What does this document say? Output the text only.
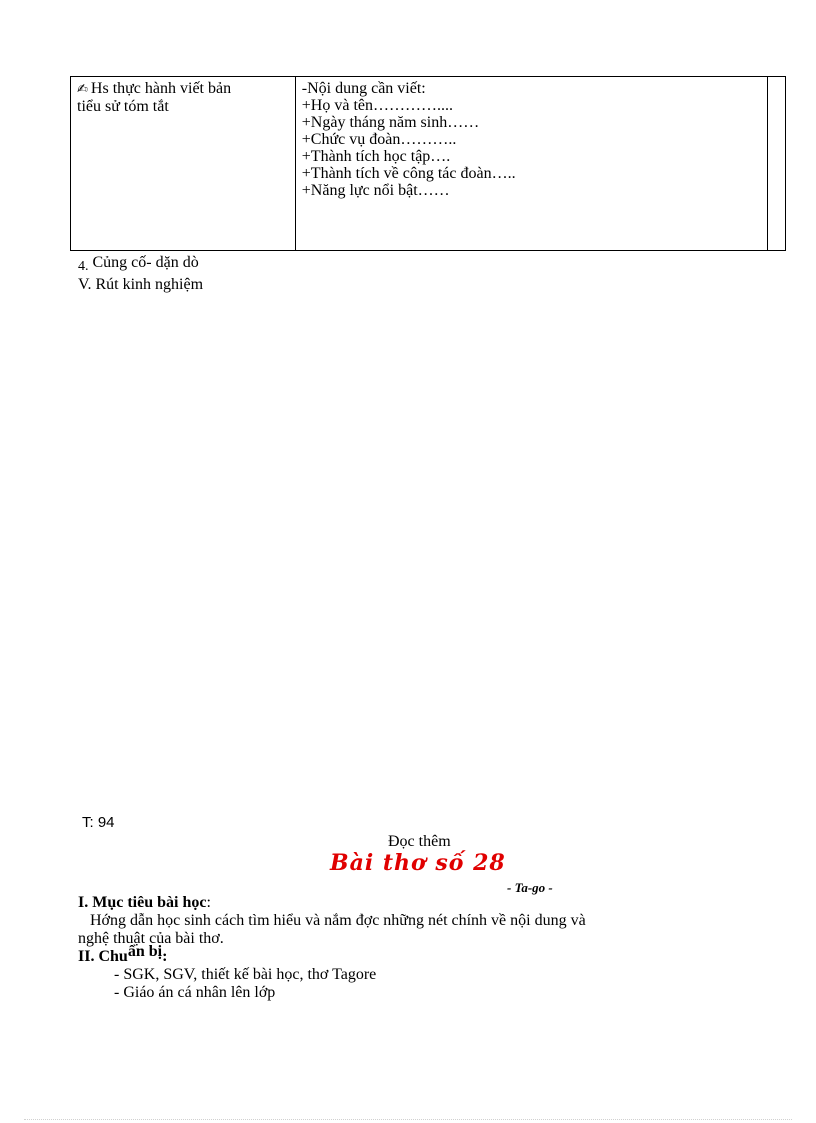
✍ Hs thực hành viết bản
tiểu sử tóm tắt

-Nội dung cần viết:
+Họ và tên…………....
+Ngày tháng năm sinh……
+Chức vụ đoàn………..
+Thành tích học tập….
+Thành tích về công tác đoàn…..
+Năng lực nổi bật……

4. Củng cố- dặn dò
V. Rút kinh nghiệm
T: 94
Đọc thêm
Bài thơ số 28
- Ta-go -
I. Mục tiêu bài học:
Hớng dẫn học sinh cách tìm hiểu và nắm đợc những nét chính về nội dung và
nghệ thuật của bài thơ.
II. Chuẩn bị:
- SGK, SGV, thiết kế bài học, thơ Tagore
- Giáo án cá nhân lên lớp
